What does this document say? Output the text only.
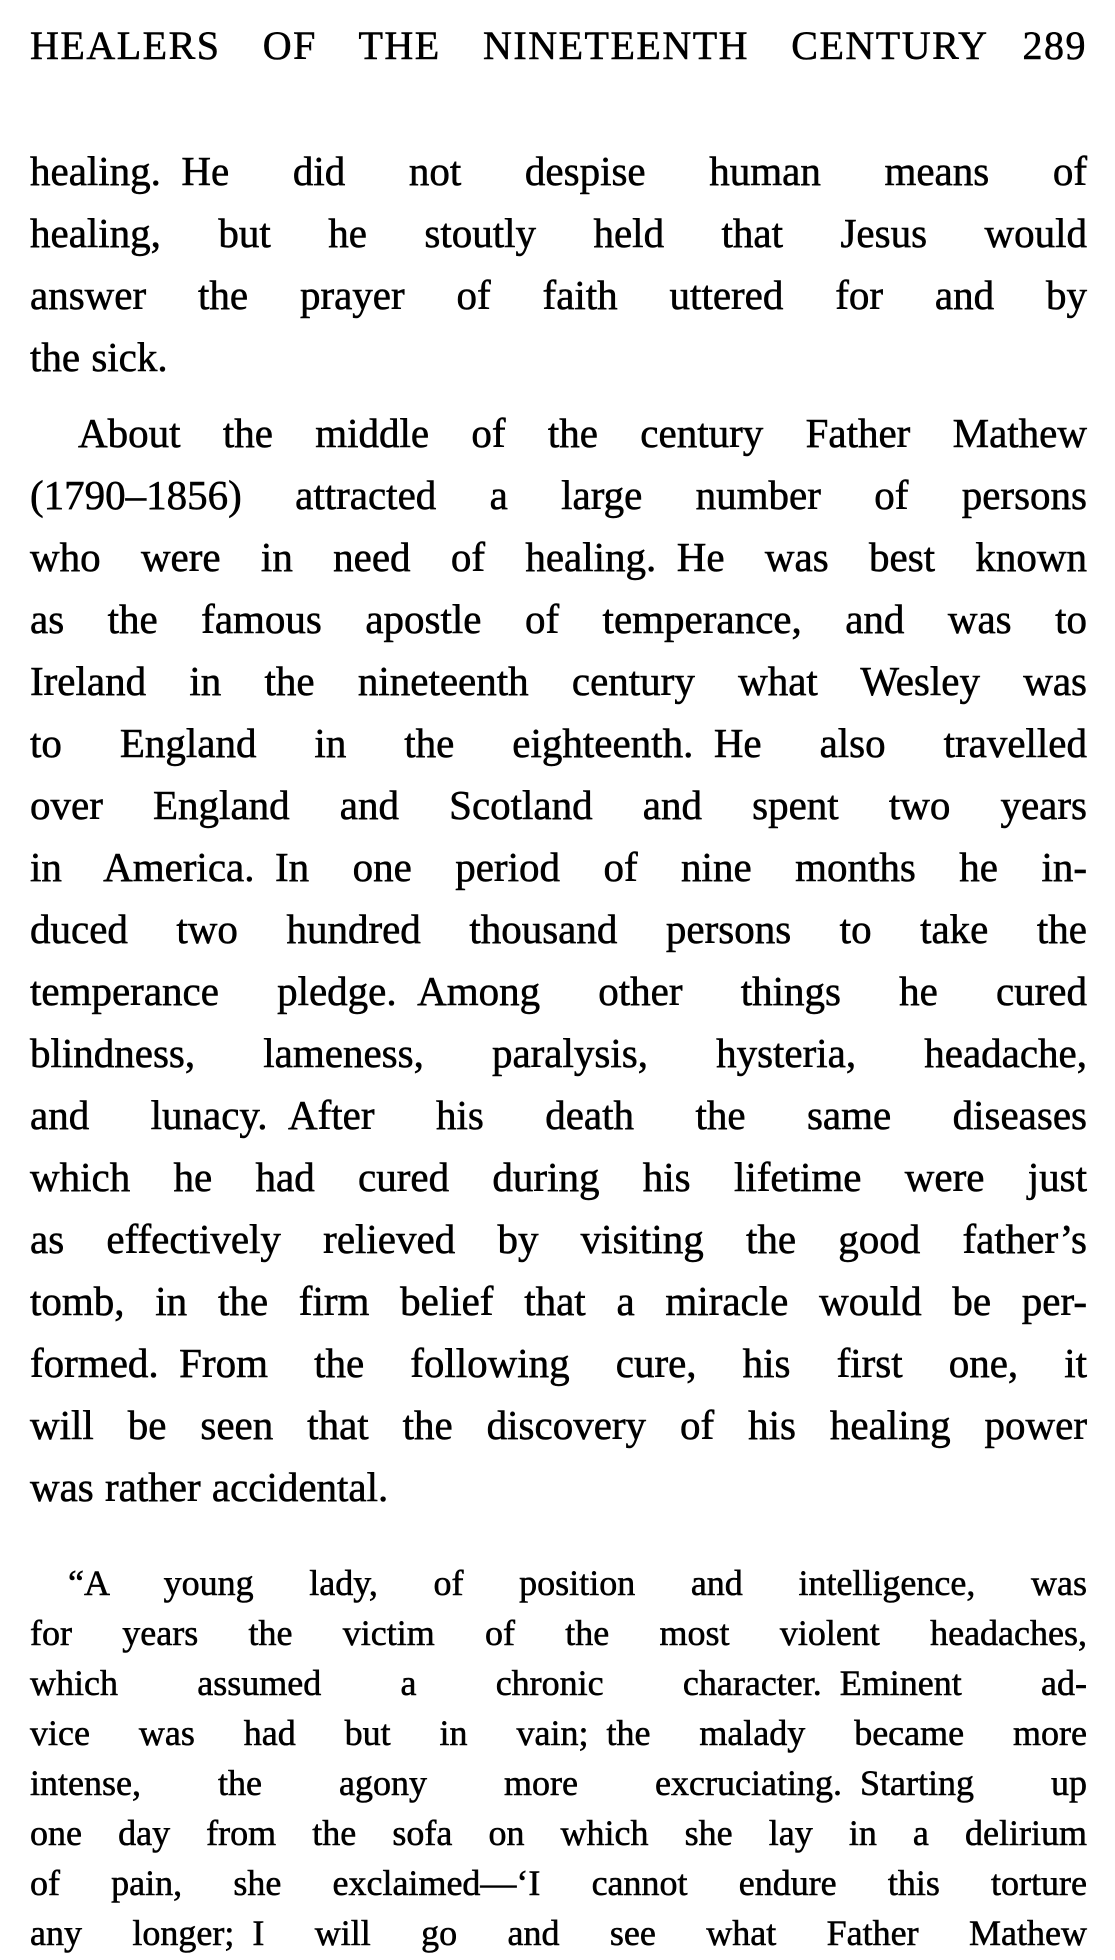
HEALERS OF THE NINETEENTH CENTURY 289
healing. He did not despise human means of
healing, but he stoutly held that Jesus would
answer the prayer of faith uttered for and by
the sick.
About the middle of the century Father Mathew
(1790–1856) attracted a large number of persons
who were in need of healing. He was best known
as the famous apostle of temperance, and was to
Ireland in the nineteenth century what Wesley was
to England in the eighteenth. He also travelled
over England and Scotland and spent two years
in America. In one period of nine months he in-
duced two hundred thousand persons to take the
temperance pledge. Among other things he cured
blindness, lameness, paralysis, hysteria, headache,
and lunacy. After his death the same diseases
which he had cured during his lifetime were just
as effectively relieved by visiting the good father’s
tomb, in the firm belief that a miracle would be per-
formed. From the following cure, his first one, it
will be seen that the discovery of his healing power
was rather accidental.
“A young lady, of position and intelligence, was
for years the victim of the most violent headaches,
which assumed a chronic character. Eminent ad-
vice was had but in vain; the malady became more
intense, the agony more excruciating. Starting up
one day from the sofa on which she lay in a delirium
of pain, she exclaimed—‘I cannot endure this torture
any longer; I will go and see what Father Mathew
